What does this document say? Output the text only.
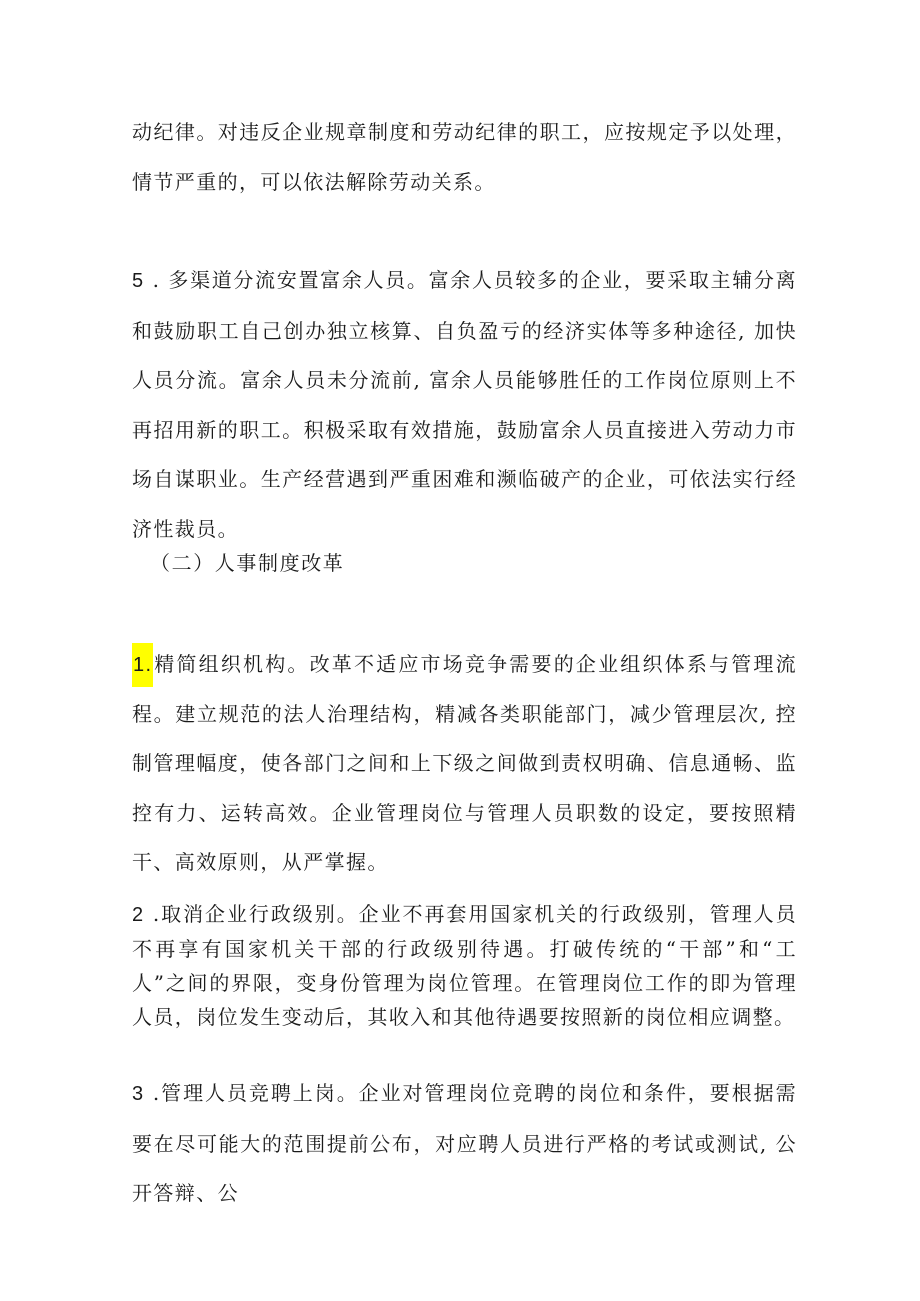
动纪律。对违反企业规章制度和劳动纪律的职工，应按规定予以处理，情节严重的，可以依法解除劳动关系。

5 . 多渠道分流安置富余人员。富余人员较多的企业，要采取主辅分离和鼓励职工自己创办独立核算、自负盈亏的经济实体等多种途径, 加快人员分流。富余人员未分流前, 富余人员能够胜任的工作岗位原则上不再招用新的职工。积极采取有效措施，鼓励富余人员直接进入劳动力市场自谋职业。生产经营遇到严重困难和濒临破产的企业，可依法实行经济性裁员。

（二）人事制度改革

1.精简组织机构。改革不适应市场竞争需要的企业组织体系与管理流程。建立规范的法人治理结构，精减各类职能部门，减少管理层次, 控制管理幅度，使各部门之间和上下级之间做到责权明确、信息通畅、监控有力、运转高效。企业管理岗位与管理人员职数的设定，要按照精干、高效原则，从严掌握。

2 .取消企业行政级别。企业不再套用国家机关的行政级别，管理人员不再享有国家机关干部的行政级别待遇。打破传统的“干部”和“工人”之间的界限，变身份管理为岗位管理。在管理岗位工作的即为管理人员，岗位发生变动后，其收入和其他待遇要按照新的岗位相应调整。

3 .管理人员竞聘上岗。企业对管理岗位竞聘的岗位和条件，要根据需要在尽可能大的范围提前公布，对应聘人员进行严格的考试或测试, 公开答辩、公
